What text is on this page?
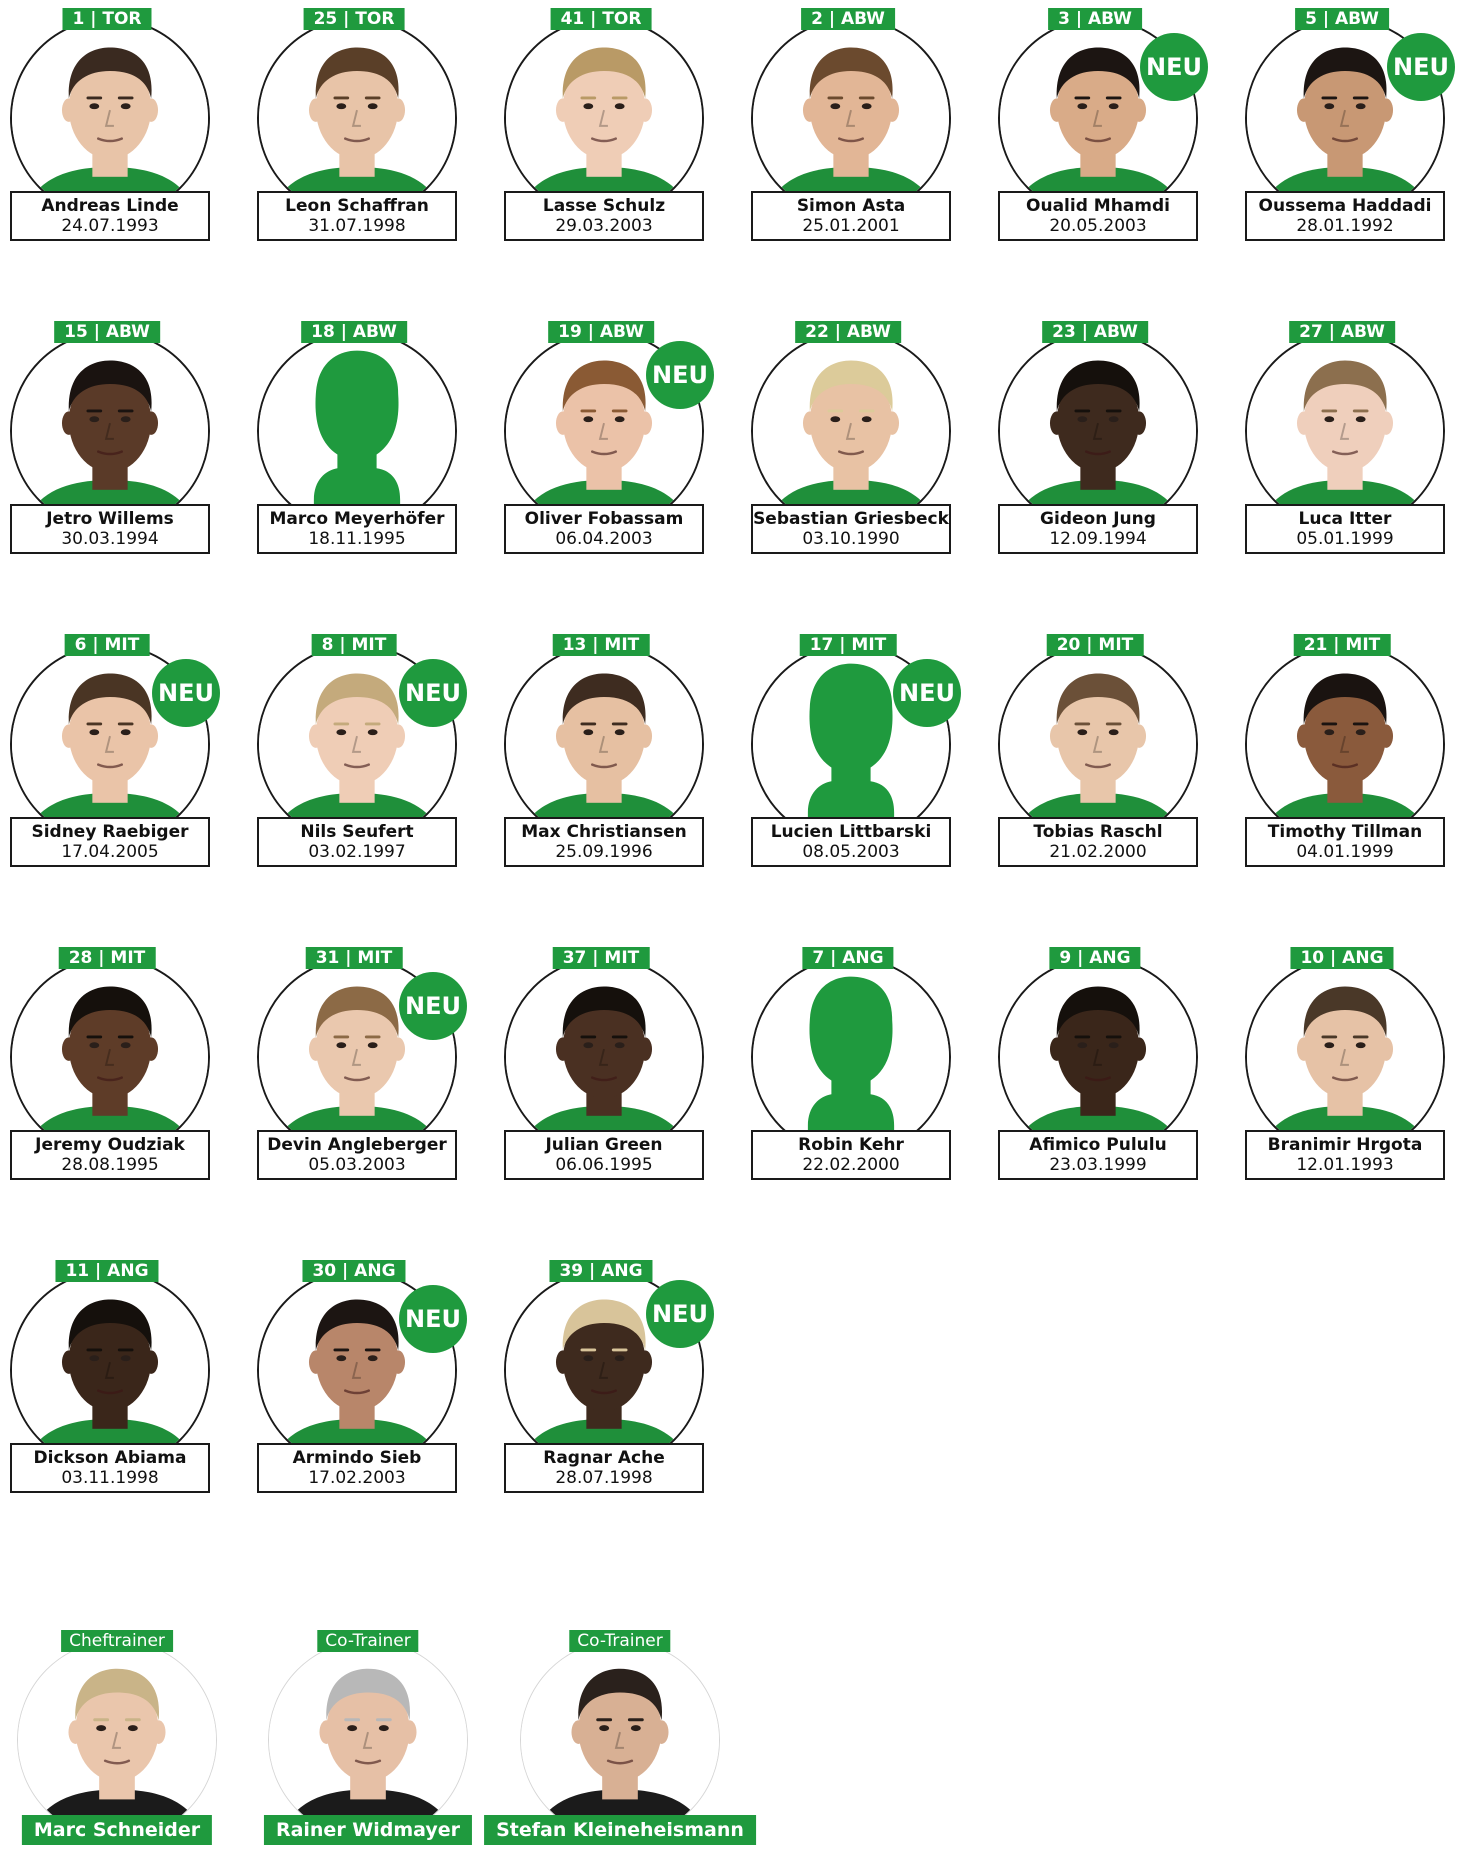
1 | TOR
Andreas Linde
24.07.1993
25 | TOR
Leon Schaffran
31.07.1998
41 | TOR
Lasse Schulz
29.03.2003
2 | ABW
Simon Asta
25.01.2001
3 | ABW
Oualid Mhamdi
20.05.2003
NEU
5 | ABW
Oussema Haddadi
28.01.1992
NEU
15 | ABW
Jetro Willems
30.03.1994
18 | ABW
Marco Meyerhöfer
18.11.1995
19 | ABW
Oliver Fobassam
06.04.2003
NEU
22 | ABW
Sebastian Griesbeck
03.10.1990
23 | ABW
Gideon Jung
12.09.1994
27 | ABW
Luca Itter
05.01.1999
6 | MIT
Sidney Raebiger
17.04.2005
NEU
8 | MIT
Nils Seufert
03.02.1997
NEU
13 | MIT
Max Christiansen
25.09.1996
17 | MIT
Lucien Littbarski
08.05.2003
NEU
20 | MIT
Tobias Raschl
21.02.2000
21 | MIT
Timothy Tillman
04.01.1999
28 | MIT
Jeremy Oudziak
28.08.1995
31 | MIT
Devin Angleberger
05.03.2003
NEU
37 | MIT
Julian Green
06.06.1995
7 | ANG
Robin Kehr
22.02.2000
9 | ANG
Afimico Pululu
23.03.1999
10 | ANG
Branimir Hrgota
12.01.1993
11 | ANG
Dickson Abiama
03.11.1998
30 | ANG
Armindo Sieb
17.02.2003
NEU
39 | ANG
Ragnar Ache
28.07.1998
NEU
Cheftrainer
Marc Schneider
Co-Trainer
Rainer Widmayer
Co-Trainer
Stefan Kleineheismann
